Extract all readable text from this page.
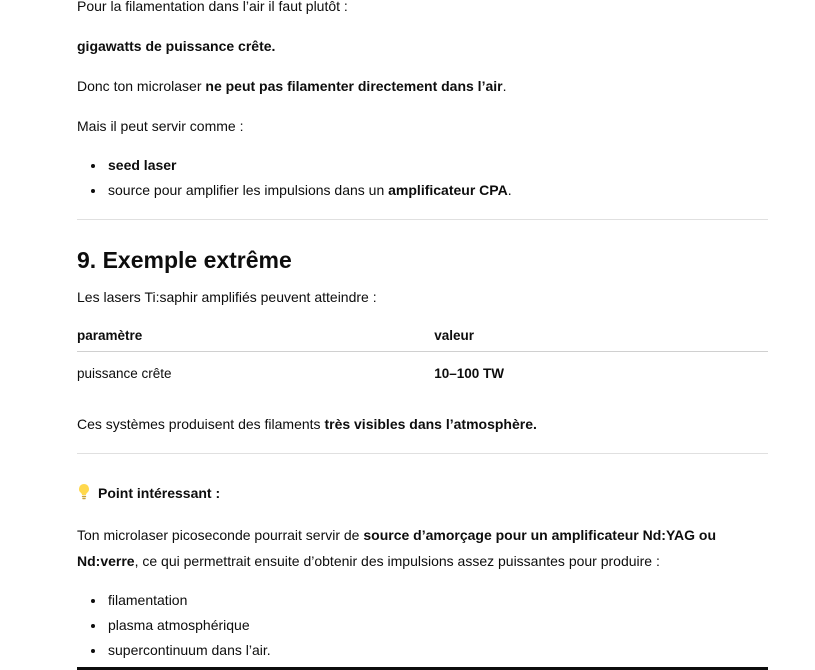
Pour la filamentation dans l’air il faut plutôt :

gigawatts de puissance crête.

Donc ton microlaser ne peut pas filamenter directement dans l’air.

Mais il peut servir comme :

• seed laser
• source pour amplifier les impulsions dans un amplificateur CPA.
9. Exemple extrême

Les lasers Ti:saphir amplifiés peuvent atteindre :

paramètre	valeur
puissance crête	10–100 TW

Ces systèmes produisent des filaments très visibles dans l’atmosphère.

Point intéressant :

Ton microlaser picoseconde pourrait servir de source d’amorçage pour un amplificateur Nd:YAG ou Nd:verre, ce qui permettrait ensuite d’obtenir des impulsions assez puissantes pour produire :

• filamentation
• plasma atmosphérique
• supercontinuum dans l’air.
